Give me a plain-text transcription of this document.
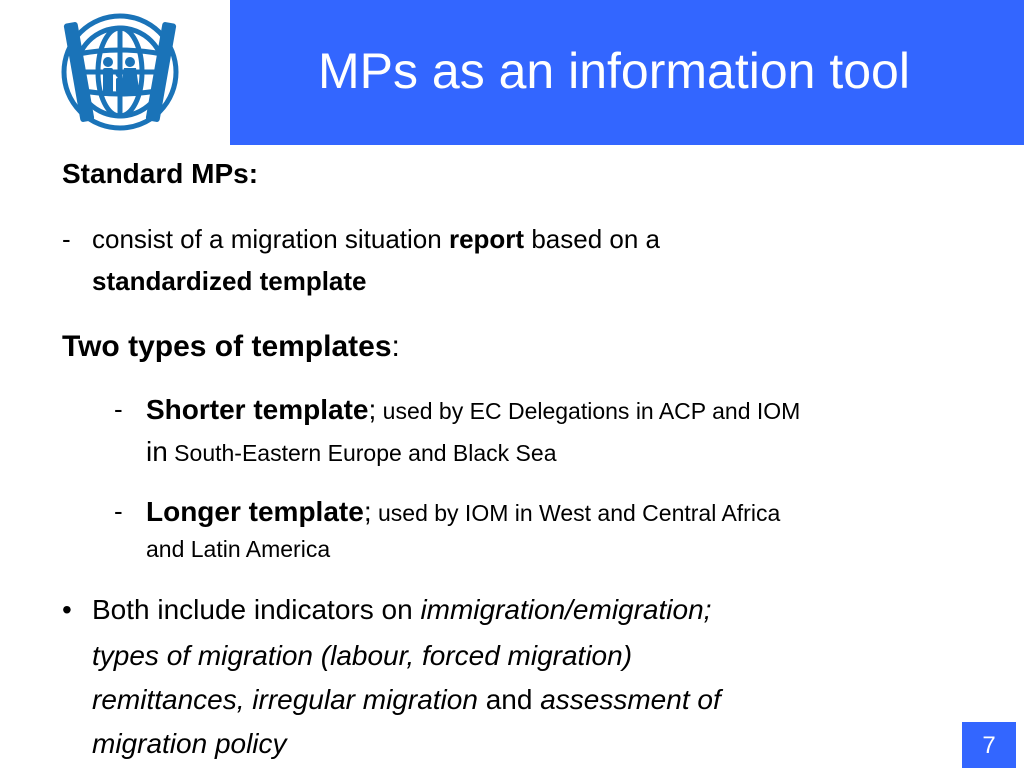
MPs as an information tool

Standard MPs:

- consist of a migration situation report based on a

standardized template

Two types of templates:

- Shorter template; used by EC Delegations in ACP and IOM

in South-Eastern Europe and Black Sea

- Longer template; used by IOM in West and Central Africa

and Latin America

• Both include indicators on immigration/emigration;

types of migration (labour, forced migration)

remittances, irregular migration and assessment of

migration policy	7
